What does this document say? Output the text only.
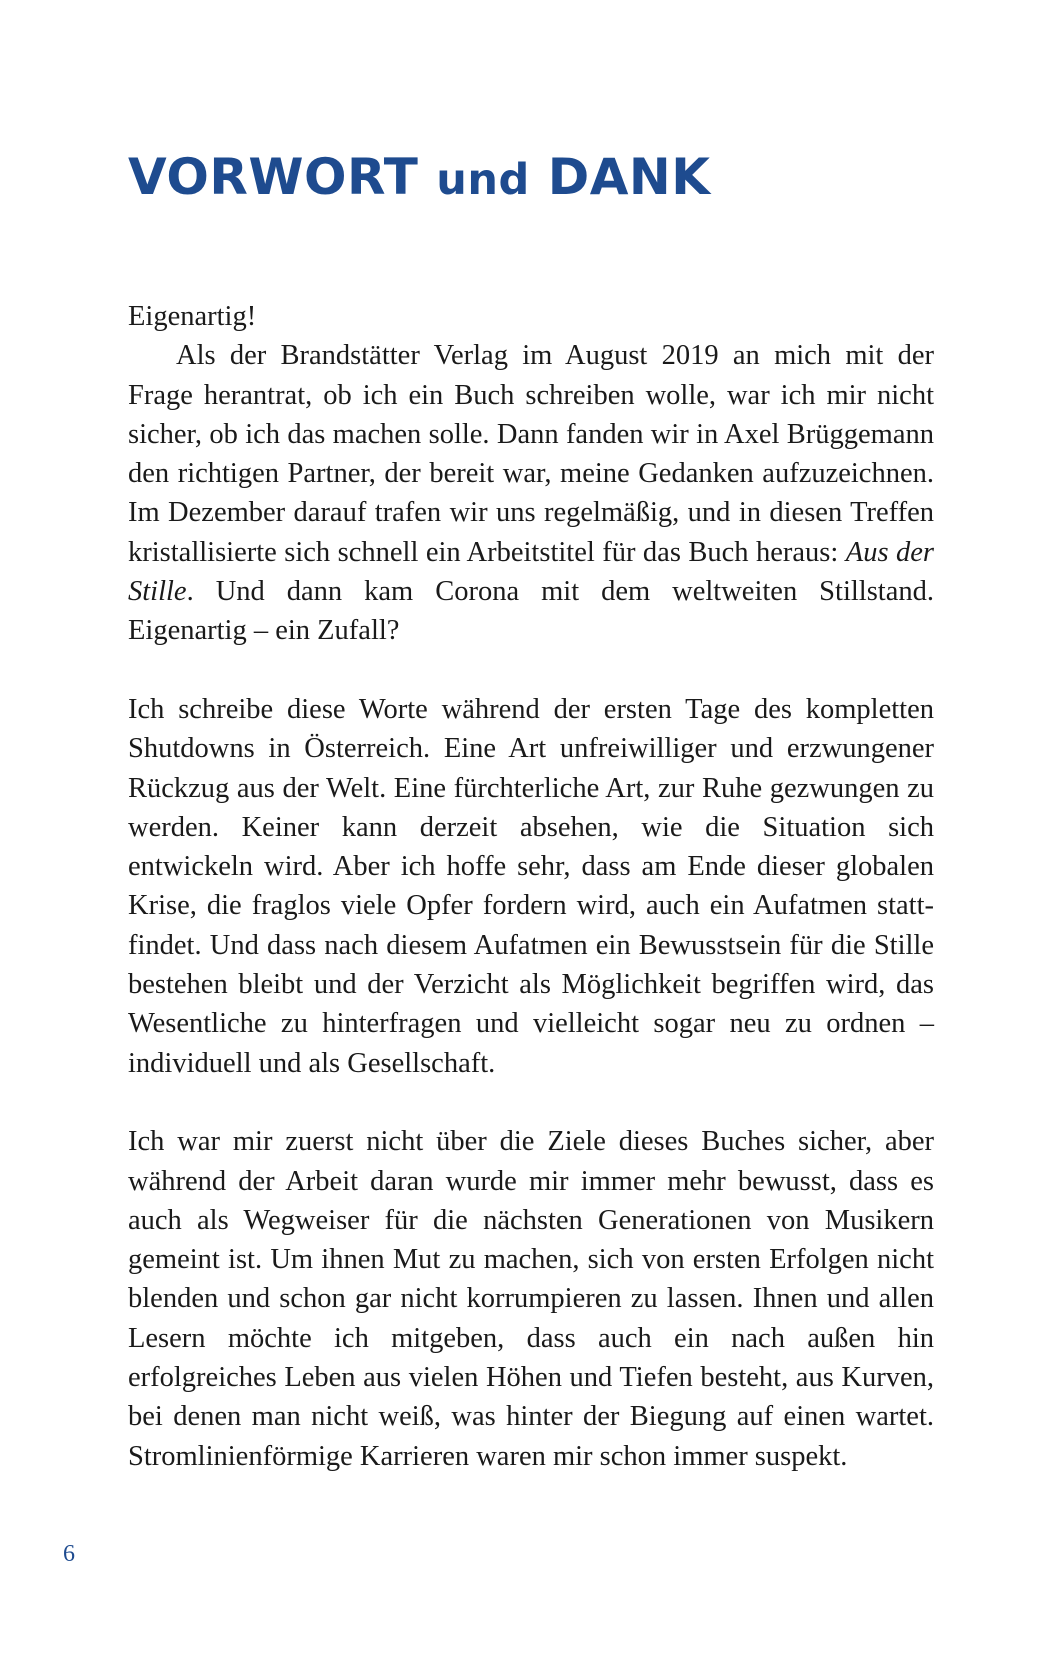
VORWORT und DANK

Eigenartig!

Als der Brandstätter Verlag im August 2019 an mich mit der Frage herantrat, ob ich ein Buch schreiben wolle, war ich mir nicht sicher, ob ich das machen solle. Dann fanden wir in Axel Brüggemann den richtigen Partner, der bereit war, meine Gedanken aufzuzeichnen. Im Dezember darauf trafen wir uns regelmäßig, und in diesen Treffen kristallisierte sich schnell ein Arbeitstitel für das Buch heraus: Aus der Stille. Und dann kam Corona mit dem weltweiten Stillstand. Eigenartig – ein Zufall?

Ich schreibe diese Worte während der ersten Tage des kompletten Shutdowns in Österreich. Eine Art unfreiwilliger und erzwungener Rückzug aus der Welt. Eine fürchterliche Art, zur Ruhe gezwungen zu werden. Keiner kann derzeit absehen, wie die Situation sich entwickeln wird. Aber ich hoffe sehr, dass am Ende dieser globalen Krise, die fraglos viele Opfer fordern wird, auch ein Aufatmen stattfindet. Und dass nach diesem Aufatmen ein Bewusstsein für die Stille bestehen bleibt und der Verzicht als Möglichkeit begriffen wird, das Wesentliche zu hinterfragen und vielleicht sogar neu zu ordnen – individuell und als Gesellschaft.

Ich war mir zuerst nicht über die Ziele dieses Buches sicher, aber während der Arbeit daran wurde mir immer mehr bewusst, dass es auch als Wegweiser für die nächsten Generationen von Musikern gemeint ist. Um ihnen Mut zu machen, sich von ersten Erfolgen nicht blenden und schon gar nicht korrumpieren zu lassen. Ihnen und allen Lesern möchte ich mitgeben, dass auch ein nach außen hin erfolgreiches Leben aus vielen Höhen und Tiefen besteht, aus Kurven, bei denen man nicht weiß, was hinter der Biegung auf einen wartet. Stromlinienförmige Karrieren waren mir schon immer suspekt.

6
